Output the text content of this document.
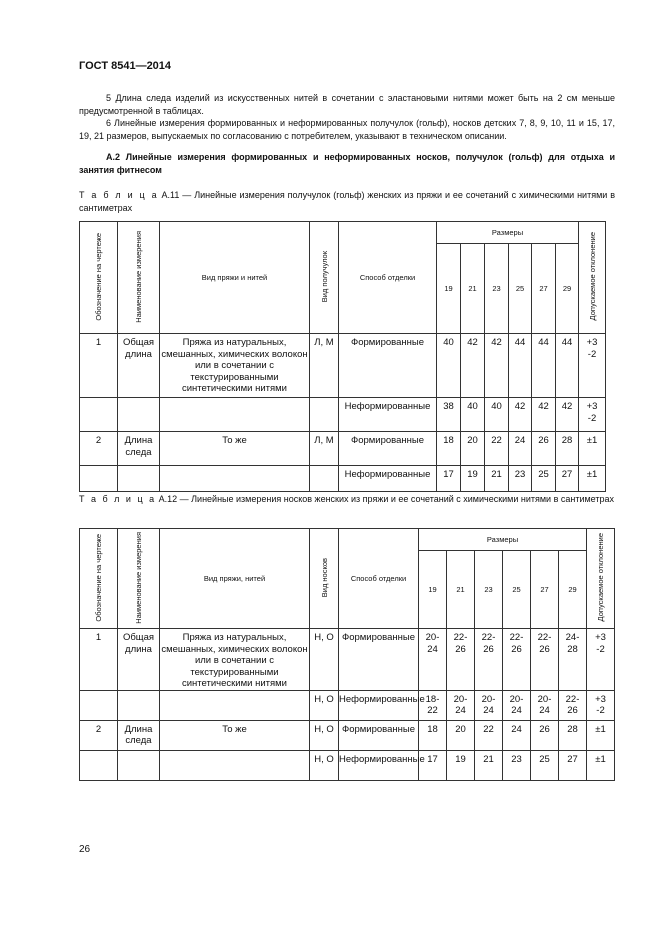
ГОСТ 8541—2014
5 Длина следа изделий из искусственных нитей в сочетании с эластановыми нитями может быть на 2 см меньше предусмотренной в таблицах.
6 Линейные измерения формированных и неформированных получулок (гольф), носков детских 7, 8, 9, 10, 11 и 15, 17, 19, 21 размеров, выпускаемых по согласованию с потребителем, указывают в техническом описании.
А.2 Линейные измерения формированных и неформированных носков, получулок (гольф) для отдыха и занятия фитнесом
Т а б л и ц а А.11 — Линейные измерения получулок (гольф) женских из пряжи и ее сочетаний с химическими нитями в сантиметрах
Обозначение на чертеже	Наименование измерения	Вид пряжи и нитей	Вид получулок	Способ отделки	Размеры						Допускаемое отклонение
					19	21	23	25	27	29	
1	Общая длина	Пряжа из натуральных, смешанных, химических волокон или в сочетании с текстурированными синтетическими нитями	Л, М	Формированные	40	42	42	44	44	44	+3
-2
				Неформированные	38	40	40	42	42	42	+3
-2
2	Длина следа	То же	Л, М	Формированные	18	20	22	24	26	28	±1
				Неформированные	17	19	21	23	25	27	±1
Т а б л и ц а А.12 — Линейные измерения носков женских из пряжи и ее сочетаний с химическими нитями в сантиметрах
Обозначение на чертеже	Наименование измерения	Вид пряжи, нитей	Вид носков	Способ отделки	Размеры						Допускаемое отклонение
					19	21	23	25	27	29	
1	Общая длина	Пряжа из натуральных, смешанных, химических волокон или в сочетании с текстурированными синтетическими нитями	Н, О	Формированные	20-
24	22-
26	22-
26	22-
26	22-
26	24-
28	+3
-2
			Н, О	Неформированные	18-
22	20-
24	20-
24	20-
24	20-
24	22-
26	+3
-2
2	Длина следа	То же	Н, О	Формированные	18	20	22	24	26	28	±1
			Н, О	Неформированные	17	19	21	23	25	27	±1
26
